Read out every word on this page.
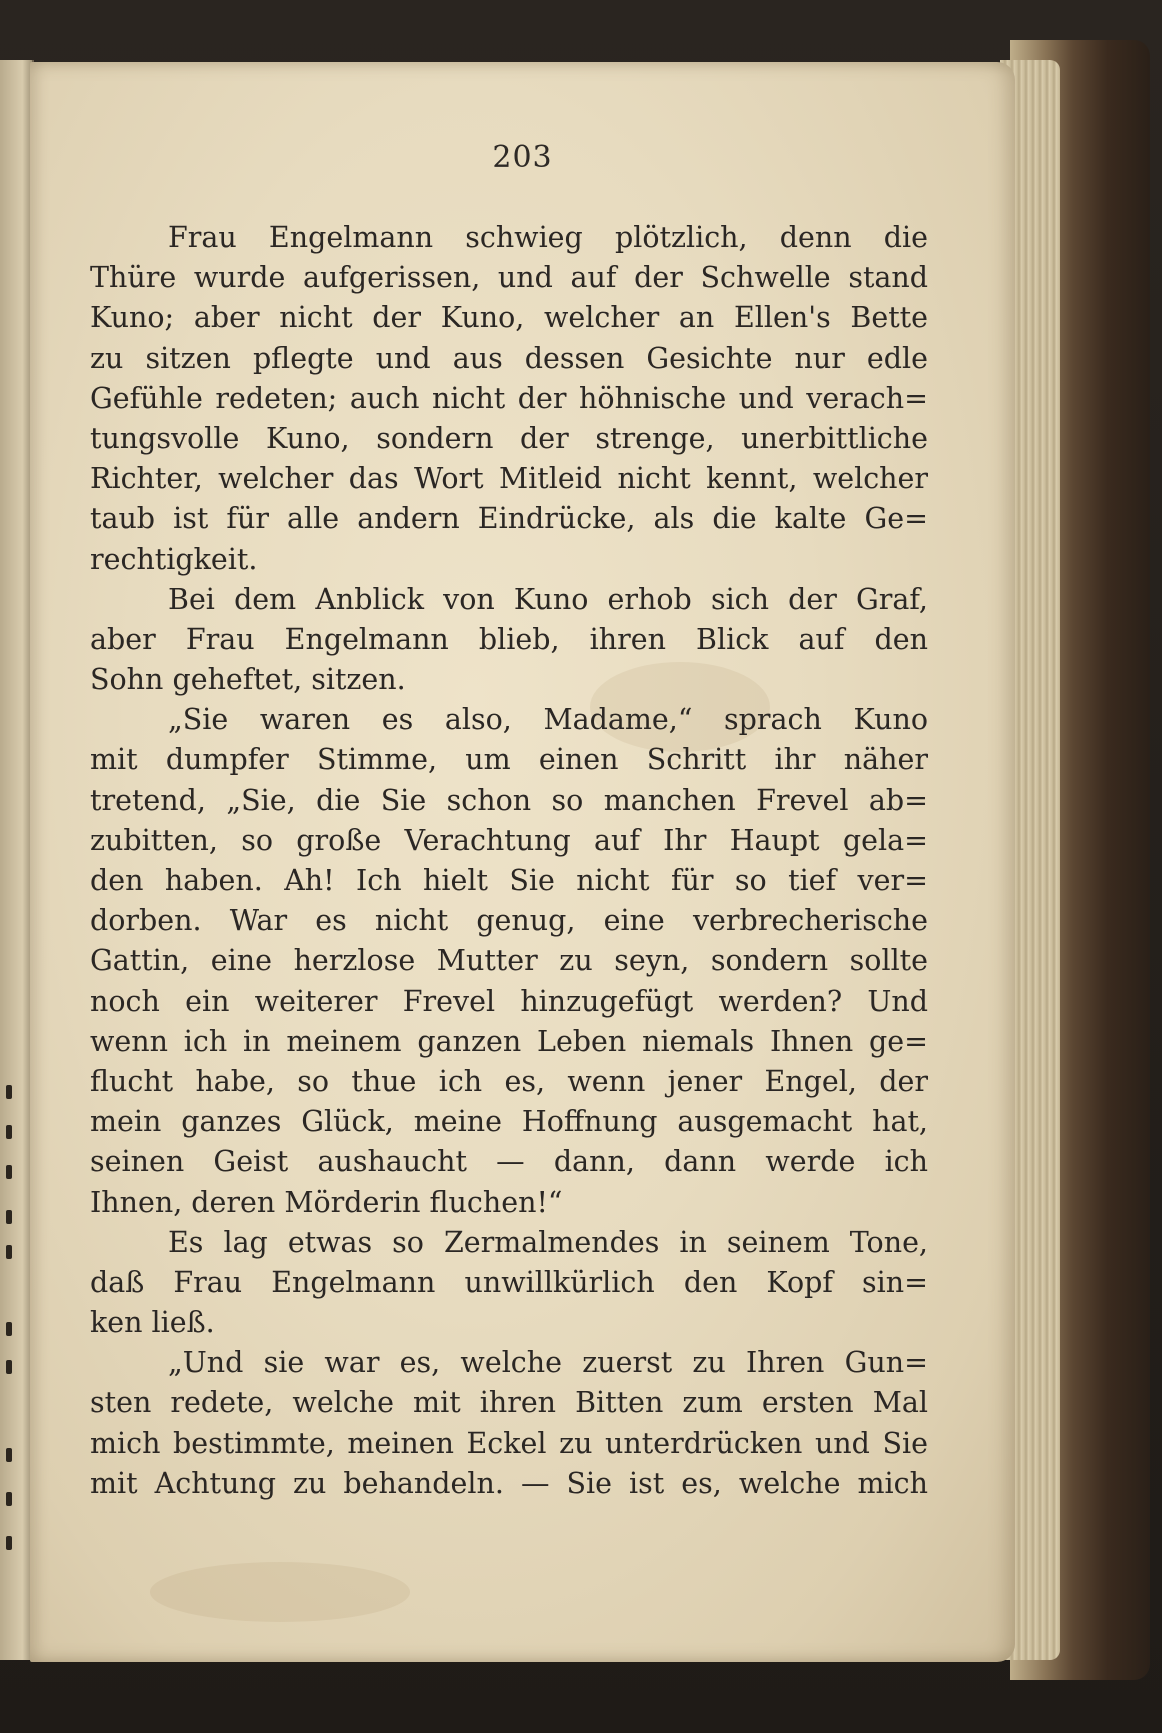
203
Frau Engelmann schwieg plötzlich, denn die
Thüre wurde aufgerissen, und auf der Schwelle stand
Kuno; aber nicht der Kuno, welcher an Ellen's Bette
zu sitzen pflegte und aus dessen Gesichte nur edle
Gefühle redeten; auch nicht der höhnische und verach=
tungsvolle Kuno, sondern der strenge, unerbittliche
Richter, welcher das Wort Mitleid nicht kennt, welcher
taub ist für alle andern Eindrücke, als die kalte Ge=
rechtigkeit.
Bei dem Anblick von Kuno erhob sich der Graf,
aber Frau Engelmann blieb, ihren Blick auf den
Sohn geheftet, sitzen.
„Sie waren es also, Madame,“ sprach Kuno
mit dumpfer Stimme, um einen Schritt ihr näher
tretend, „Sie, die Sie schon so manchen Frevel ab=
zubitten, so große Verachtung auf Ihr Haupt gela=
den haben. Ah! Ich hielt Sie nicht für so tief ver=
dorben. War es nicht genug, eine verbrecherische
Gattin, eine herzlose Mutter zu seyn, sondern sollte
noch ein weiterer Frevel hinzugefügt werden? Und
wenn ich in meinem ganzen Leben niemals Ihnen ge=
flucht habe, so thue ich es, wenn jener Engel, der
mein ganzes Glück, meine Hoffnung ausgemacht hat,
seinen Geist aushaucht — dann, dann werde ich
Ihnen, deren Mörderin fluchen!“
Es lag etwas so Zermalmendes in seinem Tone,
daß Frau Engelmann unwillkürlich den Kopf sin=
ken ließ.
„Und sie war es, welche zuerst zu Ihren Gun=
sten redete, welche mit ihren Bitten zum ersten Mal
mich bestimmte, meinen Eckel zu unterdrücken und Sie
mit Achtung zu behandeln. — Sie ist es, welche mich
